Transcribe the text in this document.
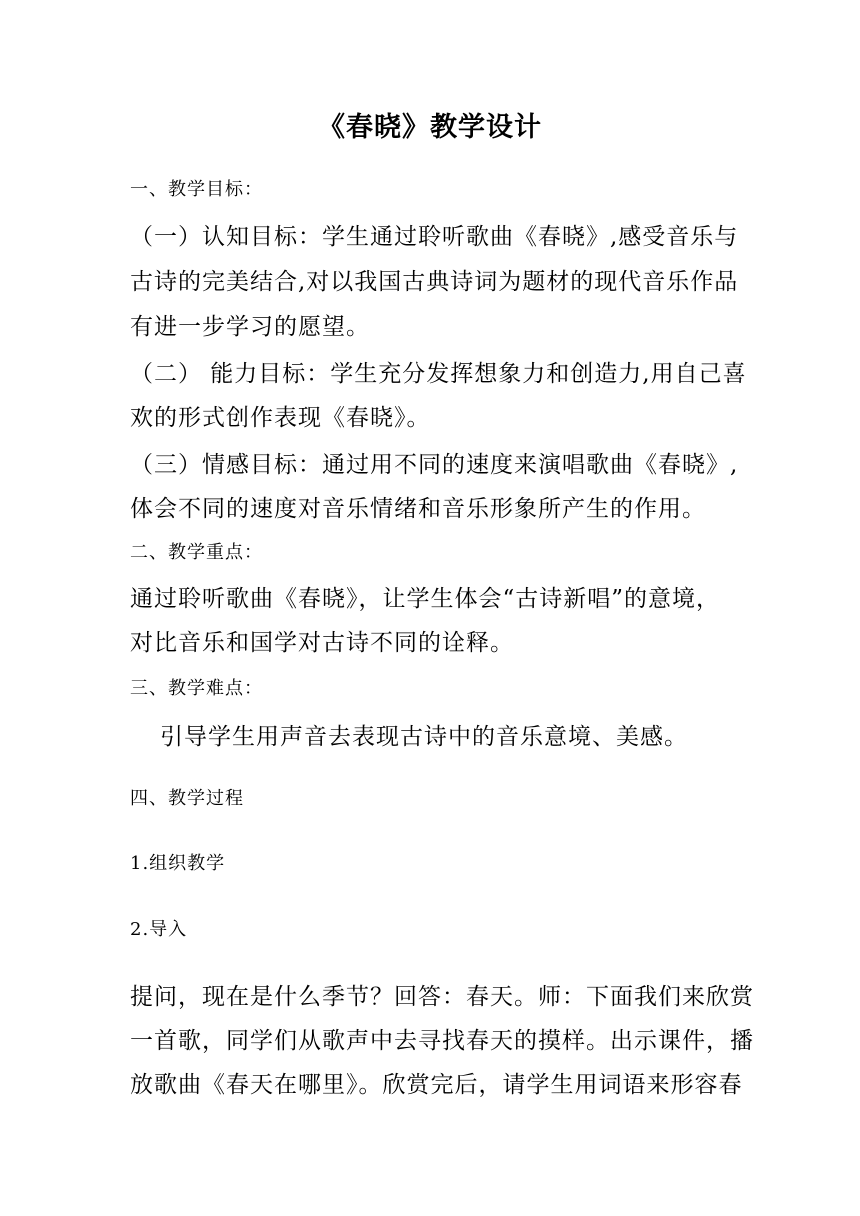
《春晓》教学设计
一、教学目标：
（一）认知目标：学生通过聆听歌曲《春晓》,感受音乐与
古诗的完美结合,对以我国古典诗词为题材的现代音乐作品
有进一步学习的愿望。
（二） 能力目标：学生充分发挥想象力和创造力,用自己喜
欢的形式创作表现《春晓》。
（三）情感目标：通过用不同的速度来演唱歌曲《春晓》,
体会不同的速度对音乐情绪和音乐形象所产生的作用。
二、教学重点：
通过聆听歌曲《春晓》，让学生体会“古诗新唱”的意境，
对比音乐和国学对古诗不同的诠释。
三、教学难点：
引导学生用声音去表现古诗中的音乐意境、美感。
四、教学过程
1.组织教学
2.导入
提问，现在是什么季节？回答：春天。师：下面我们来欣赏
一首歌，同学们从歌声中去寻找春天的摸样。出示课件，播
放歌曲《春天在哪里》。欣赏完后，请学生用词语来形容春
